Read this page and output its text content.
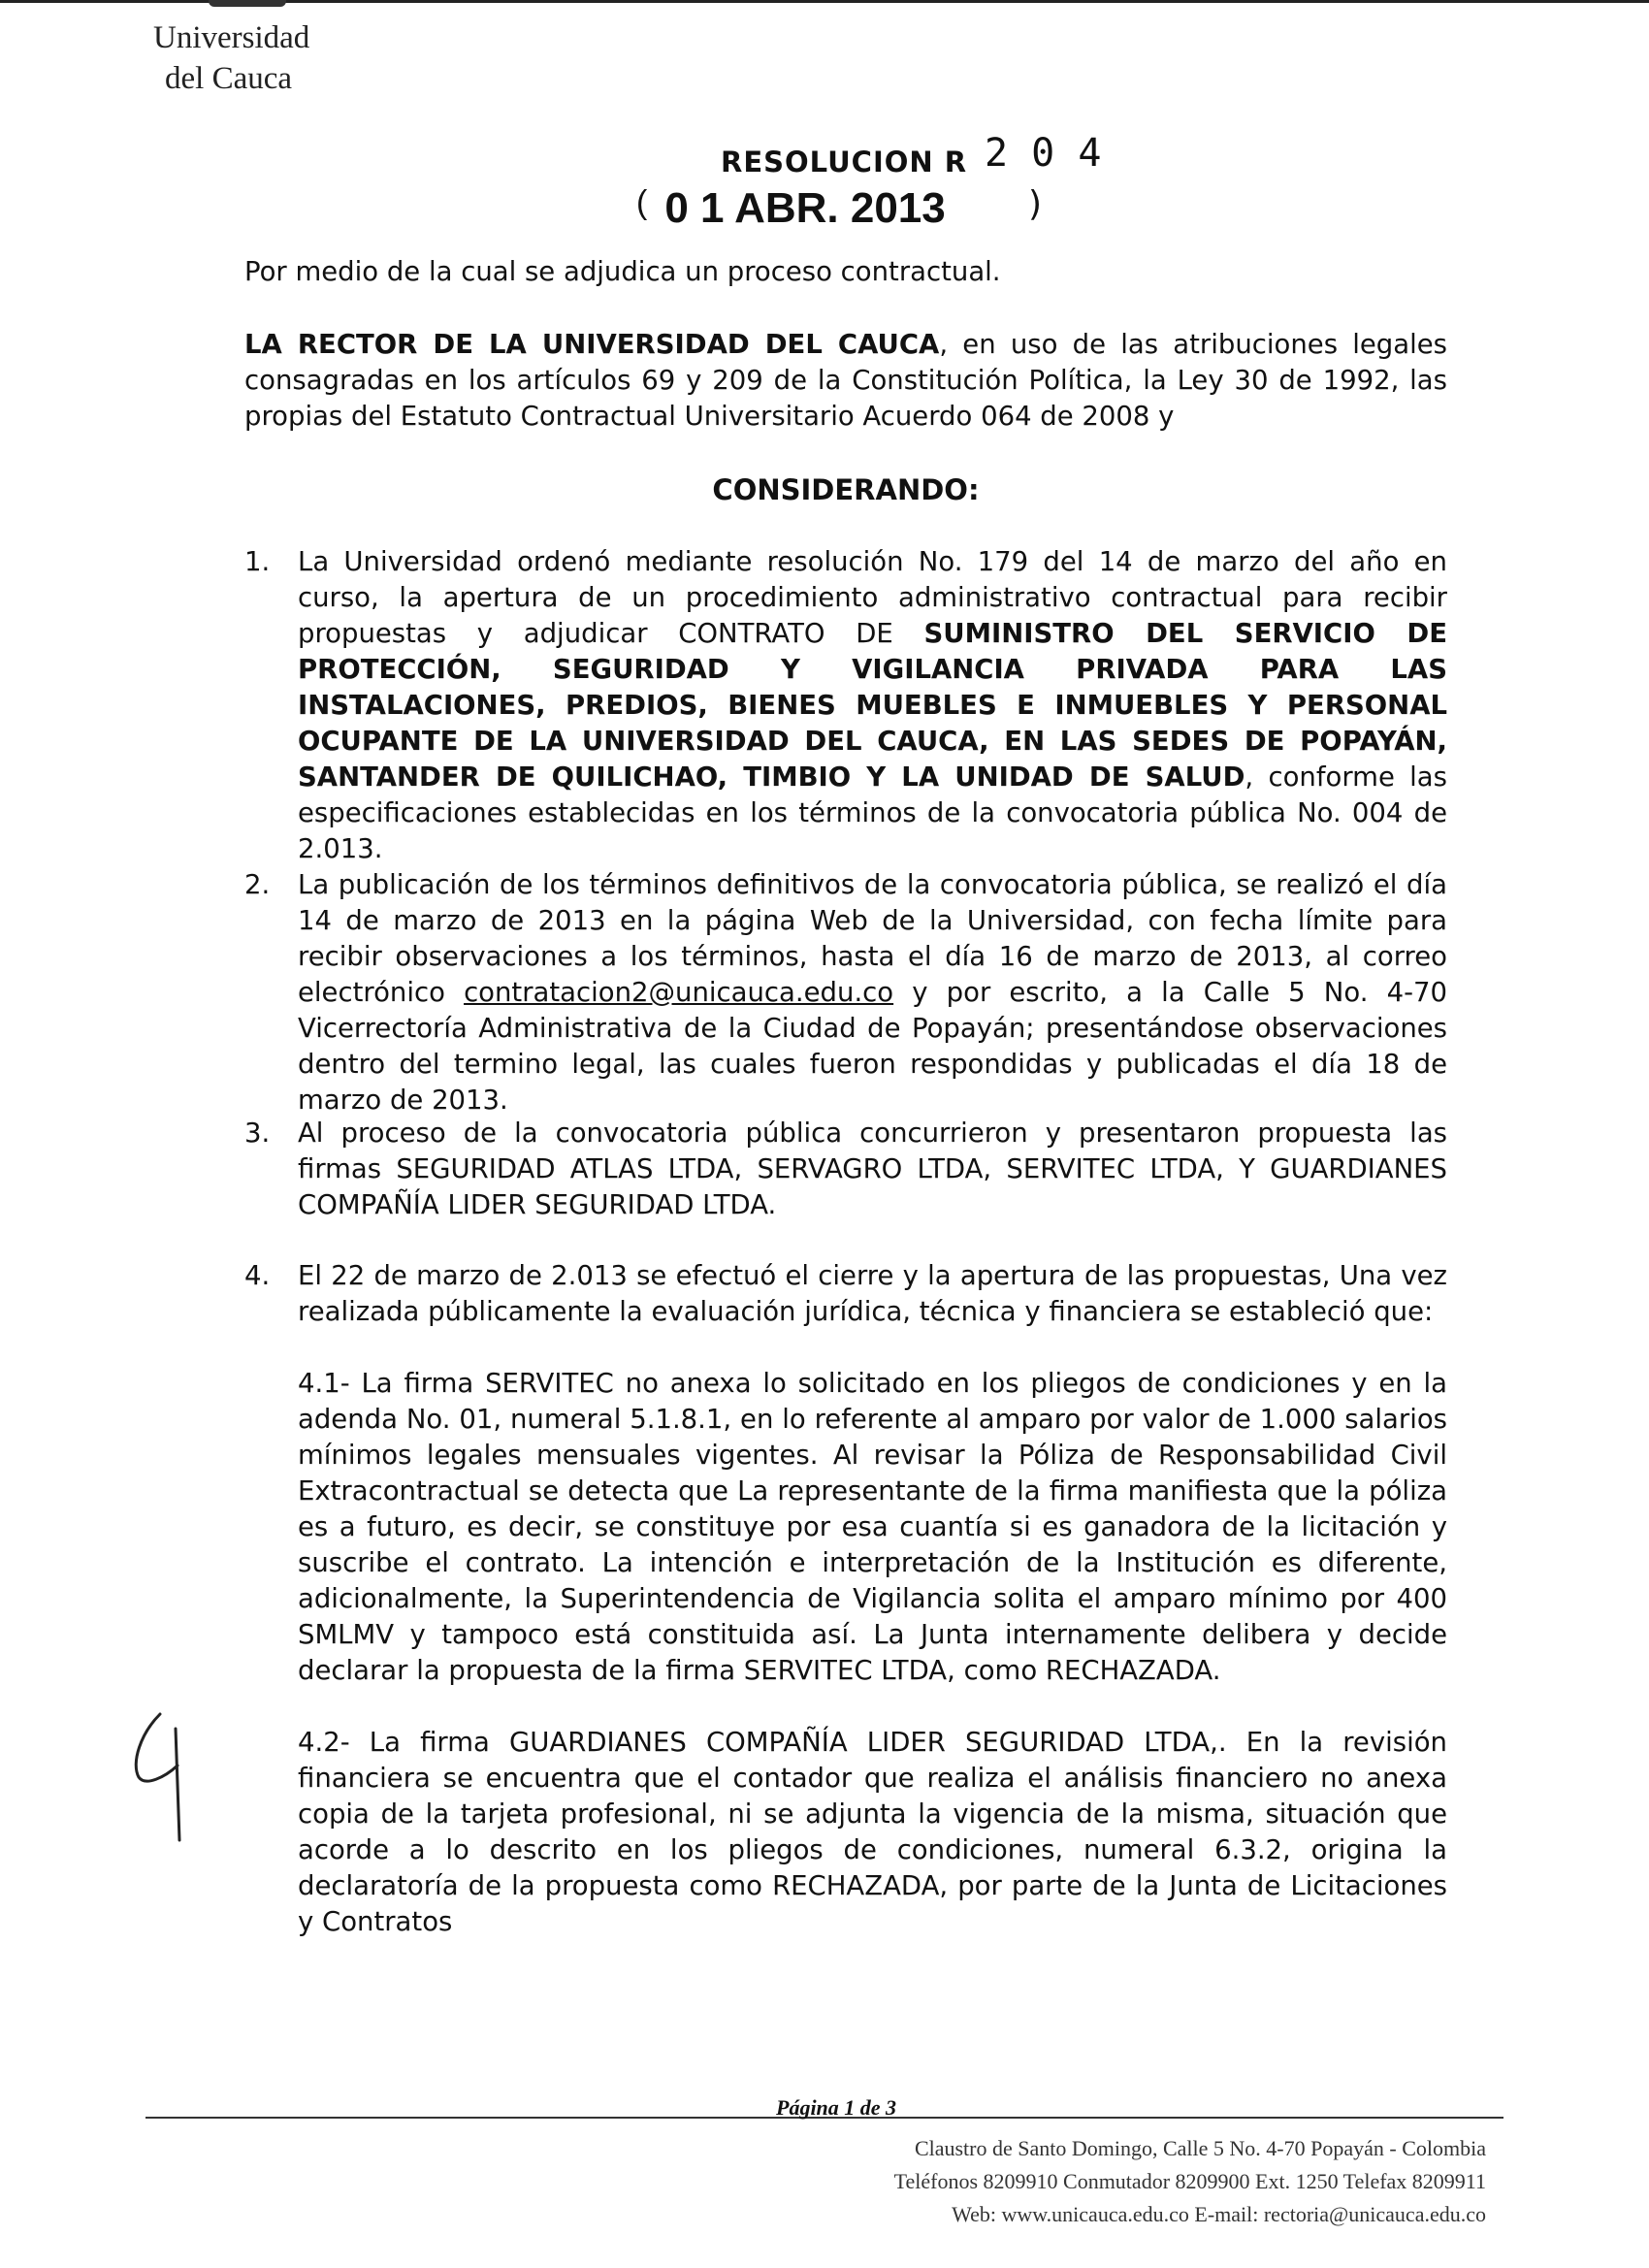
Universidad
del Cauca
RESOLUCION R 2 0 4
( 0 1 ABR. 2013 )
Por medio de la cual se adjudica un proceso contractual.
LA RECTOR DE LA UNIVERSIDAD DEL CAUCA, en uso de las atribuciones legales consagradas en los artículos 69 y 209 de la Constitución Política, la Ley 30 de 1992, las propias del Estatuto Contractual Universitario Acuerdo 064 de 2008 y
CONSIDERANDO:
1.	La Universidad ordenó mediante resolución No. 179 del 14 de marzo del año en curso, la apertura de un procedimiento administrativo contractual para recibir propuestas y adjudicar CONTRATO DE SUMINISTRO DEL SERVICIO DE PROTECCIÓN, SEGURIDAD Y VIGILANCIA PRIVADA PARA LAS INSTALACIONES, PREDIOS, BIENES MUEBLES E INMUEBLES Y PERSONAL OCUPANTE DE LA UNIVERSIDAD DEL CAUCA, EN LAS SEDES DE POPAYÁN, SANTANDER DE QUILICHAO, TIMBIO Y LA UNIDAD DE SALUD, conforme las especificaciones establecidas en los términos de la convocatoria pública No. 004 de 2.013.
2.	La publicación de los términos definitivos de la convocatoria pública, se realizó el día 14 de marzo de 2013 en la página Web de la Universidad, con fecha límite para recibir observaciones a los términos, hasta el día 16 de marzo de 2013, al correo electrónico contratacion2@unicauca.edu.co y por escrito, a la Calle 5 No. 4-70 Vicerrectoría Administrativa de la Ciudad de Popayán; presentándose observaciones dentro del termino legal, las cuales fueron respondidas y publicadas el día 18 de marzo de 2013.
3.	Al proceso de la convocatoria pública concurrieron y presentaron propuesta las firmas SEGURIDAD ATLAS LTDA, SERVAGRO LTDA, SERVITEC LTDA, Y GUARDIANES COMPAÑÍA LIDER SEGURIDAD LTDA.
4.	El 22 de marzo de 2.013 se efectuó el cierre y la apertura de las propuestas, Una vez realizada públicamente la evaluación jurídica, técnica y financiera se estableció que:
4.1- La firma SERVITEC no anexa lo solicitado en los pliegos de condiciones y en la adenda No. 01, numeral 5.1.8.1, en lo referente al amparo por valor de 1.000 salarios mínimos legales mensuales vigentes. Al revisar la Póliza de Responsabilidad Civil Extracontractual se detecta que La representante de la firma manifiesta que la póliza es a futuro, es decir, se constituye por esa cuantía si es ganadora de la licitación y suscribe el contrato. La intención e interpretación de la Institución es diferente, adicionalmente, la Superintendencia de Vigilancia solita el amparo mínimo por 400 SMLMV y tampoco está constituida así. La Junta internamente delibera y decide declarar la propuesta de la firma SERVITEC LTDA, como RECHAZADA.
4.2- La firma GUARDIANES COMPAÑÍA LIDER SEGURIDAD LTDA,. En la revisión financiera se encuentra que el contador que realiza el análisis financiero no anexa copia de la tarjeta profesional, ni se adjunta la vigencia de la misma, situación que acorde a lo descrito en los pliegos de condiciones, numeral 6.3.2, origina la declaratoría de la propuesta como RECHAZADA, por parte de la Junta de Licitaciones y Contratos
Página 1 de 3
Claustro de Santo Domingo, Calle 5 No. 4-70 Popayán - Colombia
Teléfonos 8209910 Conmutador 8209900 Ext. 1250 Telefax 8209911
Web: www.unicauca.edu.co E-mail: rectoria@unicauca.edu.co
